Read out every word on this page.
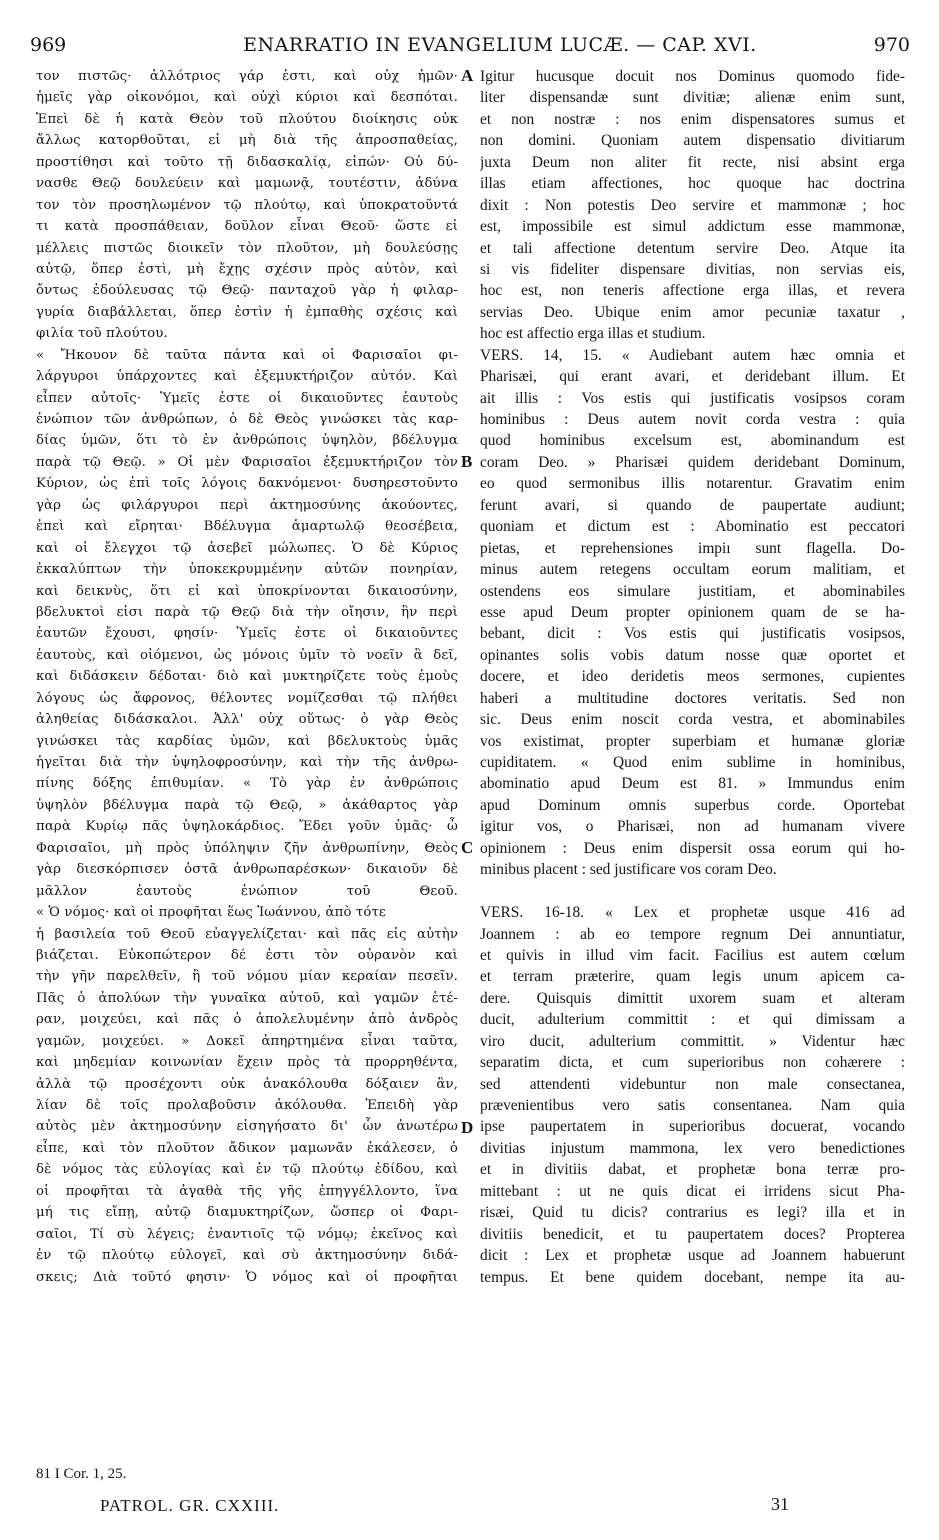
969	ENARRATIO IN EVANGELIUM LUCÆ. — CAP. XVI.	970
τον πιστῶς· ἀλλότριος γάρ ἐστι, καὶ οὐχ ἡμῶν·
ἡμεῖς γὰρ οἰκονόμοι, καὶ οὐχὶ κύριοι καὶ δεσπόται.
Ἐπεὶ δὲ ἡ κατὰ Θεὸν τοῦ πλούτου διοίκησις οὐκ
ἄλλως κατορθοῦται, εἰ μὴ διὰ τῆς ἀπροσπαθείας,
προστίθησι καὶ τοῦτο τῇ διδασκαλίᾳ, εἰπών· Οὐ δύ-
νασθε Θεῷ δουλεύειν καὶ μαμωνᾷ, τουτέστιν, ἀδύνα
τον τὸν προσηλωμένον τῷ πλούτῳ, καὶ ὑποκρατοῦντά
τι κατὰ προσπάθειαν, δοῦλον εἶναι Θεοῦ· ὥστε εἰ
μέλλεις πιστῶς διοικεῖν τὸν πλοῦτον, μὴ δουλεύσῃς
αὐτῷ, ὅπερ ἐστὶ, μὴ ἔχῃς σχέσιν πρὸς αὐτὸν, καὶ
ὄντως ἐδούλευσας τῷ Θεῷ· πανταχοῦ γὰρ ἡ φιλαρ-
γυρία διαβάλλεται, ὅπερ ἐστὶν ἡ ἐμπαθὴς σχέσις καὶ
φιλία τοῦ πλούτου.
« Ἤκουον δὲ ταῦτα πάντα καὶ οἱ Φαρισαῖοι φι-
λάργυροι ὑπάρχοντες καὶ ἐξεμυκτήριζον αὐτόν. Καὶ
εἶπεν αὐτοῖς· Ὑμεῖς ἐστε οἱ δικαιοῦντες ἑαυτοὺς
ἐνώπιον τῶν ἀνθρώπων, ὁ δὲ Θεὸς γινώσκει τὰς καρ-
δίας ὑμῶν, ὅτι τὸ ἐν ἀνθρώποις ὑψηλὸν, βδέλυγμα
παρὰ τῷ Θεῷ. » Οἱ μὲν Φαρισαῖοι ἐξεμυκτήριζον τὸν
Κύριον, ὡς ἐπὶ τοῖς λόγοις δακνόμενοι· δυσηρεστοῦντο
γὰρ ὡς φιλάργυροι περὶ ἀκτημοσύνης ἀκούοντες,
ἐπεὶ καὶ εἴρηται· Βδέλυγμα ἁμαρτωλῷ θεοσέβεια,
καὶ οἱ ἔλεγχοι τῷ ἀσεβεῖ μώλωπες. Ὁ δὲ Κύριος
ἐκκαλύπτων τὴν ὑποκεκρυμμένην αὐτῶν πονηρίαν,
καὶ δεικνὺς, ὅτι εἰ καὶ ὑποκρίνονται δικαιοσύνην,
βδελυκτοὶ εἰσι παρὰ τῷ Θεῷ διὰ τὴν οἴησιν, ἣν περὶ
ἑαυτῶν ἔχουσι, φησίν· Ὑμεῖς ἐστε οἱ δικαιοῦντες
ἑαυτοὺς, καὶ οἰόμενοι, ὡς μόνοις ὑμῖν τὸ νοεῖν ἃ δεῖ,
καὶ διδάσκειν δέδοται· διὸ καὶ μυκτηρίζετε τοὺς ἐμοὺς
λόγους ὡς ἄφρονος, θέλοντες νομίζεσθαι τῷ πλήθει
ἀληθείας διδάσκαλοι. Ἀλλ' οὐχ οὕτως· ὁ γὰρ Θεὸς
γινώσκει τὰς καρδίας ὑμῶν, καὶ βδελυκτοὺς ὑμᾶς
ἡγεῖται διὰ τὴν ὑψηλοφροσύνην, καὶ τὴν τῆς ἀνθρω-
πίνης δόξης ἐπιθυμίαν. « Τὸ γὰρ ἐν ἀνθρώποις
ὑψηλὸν βδέλυγμα παρὰ τῷ Θεῷ, » ἀκάθαρτος γὰρ
παρὰ Κυρίῳ πᾶς ὑψηλοκάρδιος. Ἔδει γοῦν ὑμᾶς· ὦ
Φαρισαῖοι, μὴ πρὸς ὑπόληψιν ζῆν ἀνθρωπίνην, Θεὸς
γὰρ διεσκόρπισεν ὀστᾶ ἀνθρωπαρέσκων· δικαιοῦν δὲ
μᾶλλον ἑαυτοὺς ἐνώπιον τοῦ Θεοῦ.
« Ὁ νόμος· καὶ οἱ προφῆται ἕως Ἰωάννου, ἀπὸ τότε
ἡ βασιλεία τοῦ Θεοῦ εὐαγγελίζεται· καὶ πᾶς εἰς αὐτὴν
βιάζεται. Εὐκοπώτερον δέ ἐστι τὸν οὐρανὸν καὶ
τὴν γῆν παρελθεῖν, ἢ τοῦ νόμου μίαν κεραίαν πεσεῖν.
Πᾶς ὁ ἀπολύων τὴν γυναῖκα αὐτοῦ, καὶ γαμῶν ἑτέ-
ραν, μοιχεύει, καὶ πᾶς ὁ ἀπολελυμένην ἀπὸ ἀνδρὸς
γαμῶν, μοιχεύει. » Δοκεῖ ἀπηρτημένα εἶναι ταῦτα,
καὶ μηδεμίαν κοινωνίαν ἔχειν πρὸς τὰ προρρηθέντα,
ἀλλὰ τῷ προσέχοντι οὐκ ἀνακόλουθα δόξαιεν ἂν,
λίαν δὲ τοῖς προλαβοῦσιν ἀκόλουθα. Ἐπειδὴ γὰρ
αὐτὸς μὲν ἀκτημοσύνην εἰσηγήσατο δι' ὧν ἀνωτέρω
εἶπε, καὶ τὸν πλοῦτον ἄδικον μαμωνᾶν ἐκάλεσεν, ὁ
δὲ νόμος τὰς εὐλογίας καὶ ἐν τῷ πλούτῳ ἐδίδου, καὶ
οἱ προφῆται τὰ ἀγαθὰ τῆς γῆς ἐπηγγέλλοντο, ἵνα
μή τις εἴπῃ, αὐτῷ διαμυκτηρίζων, ὥσπερ οἱ Φαρι-
σαῖοι, Τί σὺ λέγεις; ἐναντιοῖς τῷ νόμῳ; ἐκεῖνος καὶ
ἐν τῷ πλούτῳ εὐλογεῖ, καὶ σὺ ἀκτημοσύνην διδά-
σκεις; Διὰ τοῦτό φησιν· Ὁ νόμος καὶ οἱ προφῆται
Igitur hucusque docuit nos Dominus quomodo fide-
liter dispensandæ sunt divitiæ; alienæ enim sunt,
et non nostræ : nos enim dispensatores sumus et
non domini. Quoniam autem dispensatio divitiarum
juxta Deum non aliter fit recte, nisi absint erga
illas etiam affectiones, hoc quoque hac doctrina
dixit : Non potestis Deo servire et mammonæ ; hoc
est, impossibile est simul addictum esse mammonæ,
et tali affectione detentum servire Deo. Atque ita
si vis fideliter dispensare divitias, non servias eis,
hoc est, non teneris affectione erga illas, et revera
servias Deo. Ubique enim amor pecuniæ taxatur ,
hoc est affectio erga illas et studium.
VERS. 14, 15. « Audiebant autem hæc omnia et
Pharisæi, qui erant avari, et deridebant illum. Et
ait illis : Vos estis qui justificatis vosipsos coram
hominibus : Deus autem novit corda vestra : quia
quod hominibus excelsum est, abominandum est
coram Deo. » Pharisæi quidem deridebant Dominum,
eo quod sermonibus illis notarentur. Gravatim enim
ferunt avari, si quando de paupertate audiunt;
quoniam et dictum est : Abominatio est peccatori
pietas, et reprehensiones impiı sunt flagella. Do-
minus autem retegens occultam eorum malitiam, et
ostendens eos simulare justitiam, et abominabiles
esse apud Deum propter opinionem quam de se ha-
bebant, dicit : Vos estis qui justificatis vosipsos,
opinantes solis vobis datum nosse quæ oportet et
docere, et ideo deridetis meos sermones, cupientes
haberi a multitudine doctores veritatis. Sed non
sic. Deus enim noscit corda vestra, et abominabiles
vos existimat, propter superbiam et humanæ gloriæ
cupiditatem. « Quod enim sublime in hominibus,
abominatio apud Deum est 81. » Immundus enim
apud Dominum omnis superbus corde. Oportebat
igitur vos, o Pharisæi, non ad humanam vivere
opinionem : Deus enim dispersit ossa eorum qui ho-
minibus placent : sed justificare vos coram Deo.
VERS. 16-18. « Lex et prophetæ usque 416 ad
Joannem : ab eo tempore regnum Dei annuntiatur,
et quivis in illud vim facit. Facilius est autem cœlum
et terram præterire, quam legis unum apicem ca-
dere. Quisquis dimittit uxorem suam et alteram
ducit, adulterium committit : et qui dimissam a
viro ducit, adulterium committit. » Videntur hæc
separatim dicta, et cum superioribus non cohærere :
sed attendenti videbuntur non male consectanea,
prævenientibus vero satis consentanea. Nam quia
ipse paupertatem in superioribus docuerat, vocando
divitias injustum mammona, lex vero benedictiones
et in divitiis dabat, et prophetæ bona terræ pro-
mittebant : ut ne quis dicat ei irridens sicut Pha-
risæi, Quid tu dicis? contrarius es legi? illa et in
divitiis benedicit, et tu paupertatem doces? Propterea
dicit : Lex et prophetæ usque ad Joannem habuerunt
tempus. Et bene quidem docebant, nempe ita au-
A
B
C
D
81 I Cor. 1, 25.
PATROL. GR. CXXIII.	31
